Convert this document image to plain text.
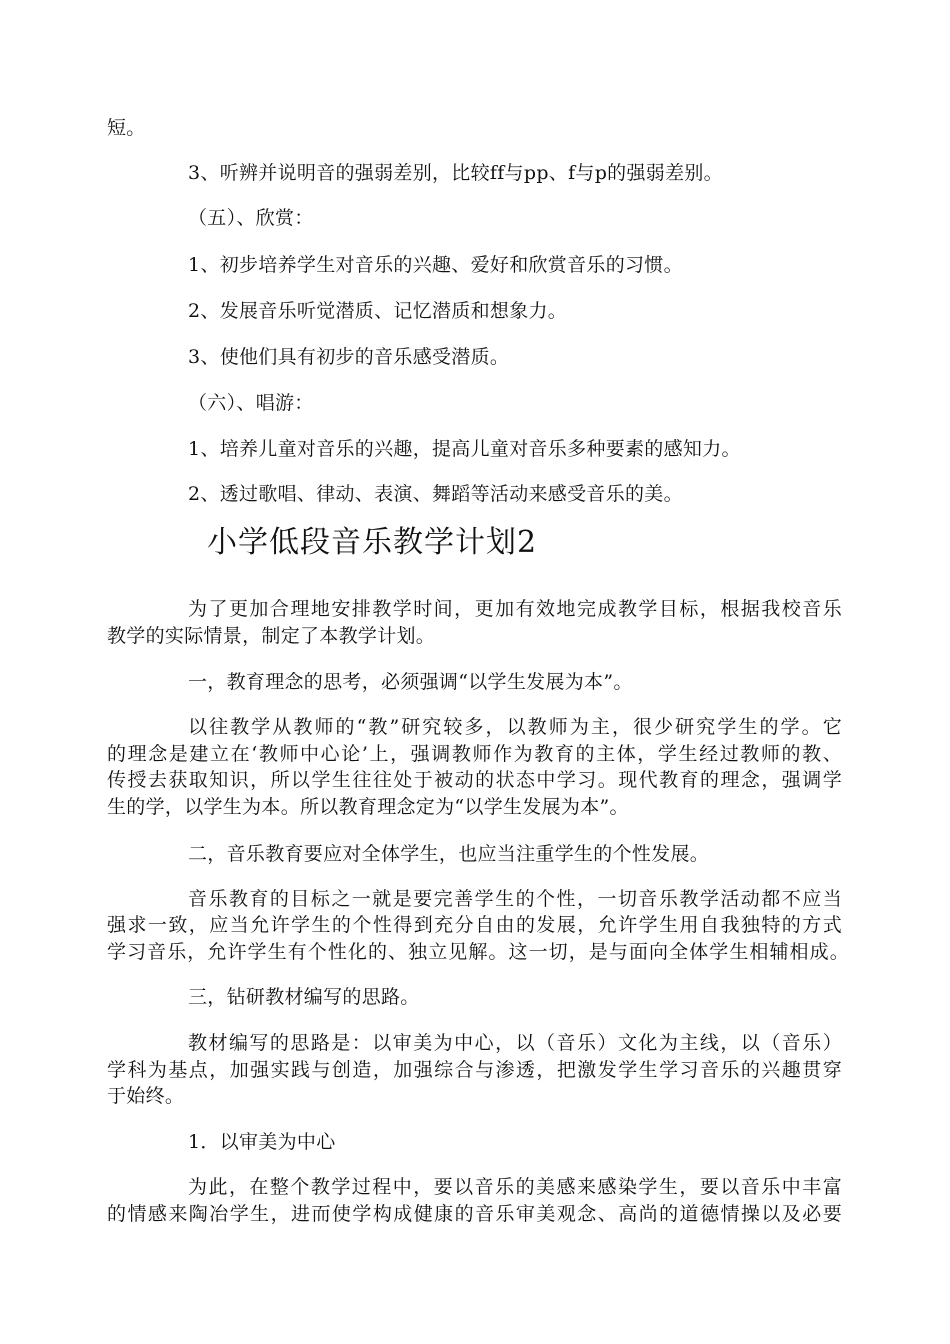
短。
3、听辨并说明音的强弱差别，比较ff与pp、f与p的强弱差别。
（五）、欣赏：
1、初步培养学生对音乐的兴趣、爱好和欣赏音乐的习惯。
2、发展音乐听觉潜质、记忆潜质和想象力。
3、使他们具有初步的音乐感受潜质。
（六）、唱游：
1、培养儿童对音乐的兴趣，提高儿童对音乐多种要素的感知力。
2、透过歌唱、律动、表演、舞蹈等活动来感受音乐的美。
小学低段音乐教学计划2
为了更加合理地安排教学时间，更加有效地完成教学目标，根据我校音乐
教学的实际情景，制定了本教学计划。
一，教育理念的思考，必须强调“以学生发展为本”。
以往教学从教师的“教”研究较多，以教师为主，很少研究学生的学。它
的理念是建立在‘教师中心论’上，强调教师作为教育的主体，学生经过教师的教、
传授去获取知识，所以学生往往处于被动的状态中学习。现代教育的理念，强调学
生的学，以学生为本。所以教育理念定为“以学生发展为本”。
二，音乐教育要应对全体学生，也应当注重学生的个性发展。
音乐教育的目标之一就是要完善学生的个性，一切音乐教学活动都不应当
强求一致，应当允许学生的个性得到充分自由的发展，允许学生用自我独特的方式
学习音乐，允许学生有个性化的、独立见解。这一切，是与面向全体学生相辅相成。
三，钻研教材编写的思路。
教材编写的思路是：以审美为中心，以（音乐）文化为主线，以（音乐）
学科为基点，加强实践与创造，加强综合与渗透，把激发学生学习音乐的兴趣贯穿
于始终。
1．以审美为中心
为此，在整个教学过程中，要以音乐的美感来感染学生，要以音乐中丰富
的情感来陶冶学生，进而使学构成健康的音乐审美观念、高尚的道德情操以及必要
